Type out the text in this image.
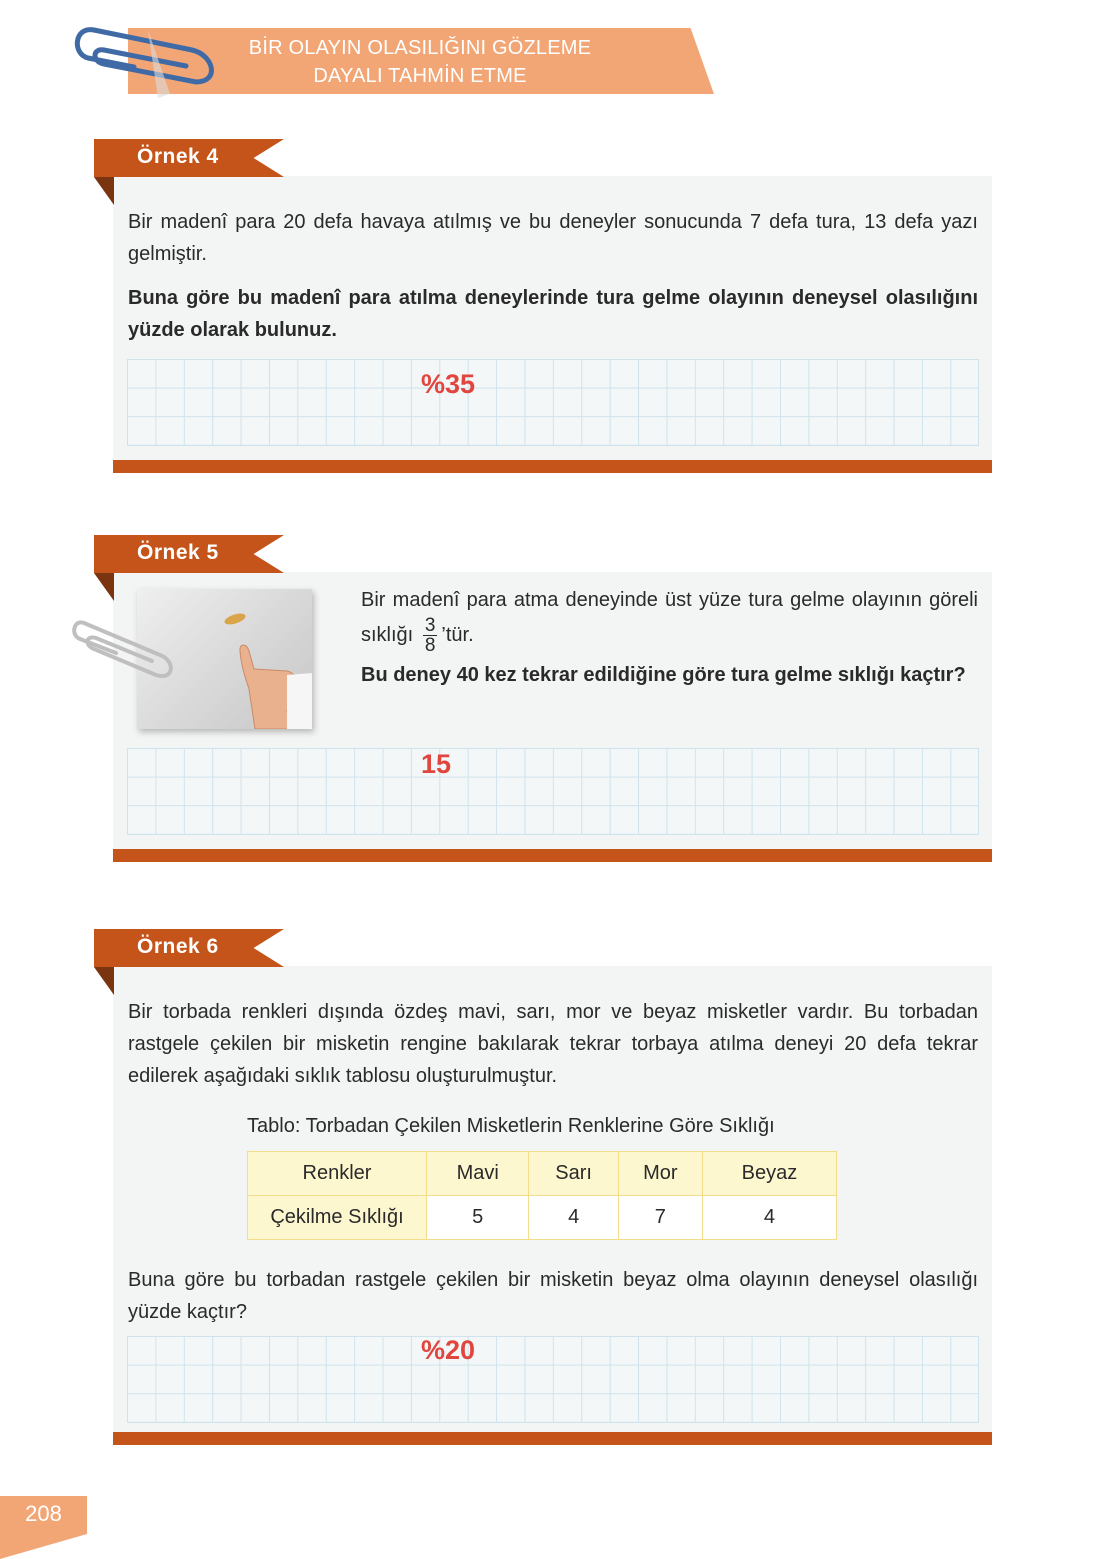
BİR OLAYIN OLASILIĞINI GÖZLEME
DAYALI TAHMİN ETME
Örnek 4
Bir madenî para 20 defa havaya atılmış ve bu deneyler sonucunda 7 defa tura, 13 defa yazı gelmiştir.
Buna göre bu madenî para atılma deneylerinde tura gelme olayının deneysel olasılığını yüzde olarak bulunuz.
%35
Örnek 5
Bir madenî para atma deneyinde üst yüze tura gelme olayının göreli sıklığı $\frac{3}{8}$ ’tür.
Bu deney 40 kez tekrar edildiğine göre tura gelme sıklığı kaçtır?
15
Örnek 6
Bir torbada renkleri dışında özdeş mavi, sarı, mor ve beyaz misketler vardır. Bu torbadan rastgele çekilen bir misketin rengine bakılarak tekrar torbaya atılma deneyi 20 defa tekrar edilerek aşağıdaki sıklık tablosu oluşturulmuştur.
Tablo: Torbadan Çekilen Misketlerin Renklerine Göre Sıklığı
Renkler	Mavi	Sarı	Mor	Beyaz
Çekilme Sıklığı	5	4	7	4
Buna göre bu torbadan rastgele çekilen bir misketin beyaz olma olayının deneysel olasılığı yüzde kaçtır?
%20
208
